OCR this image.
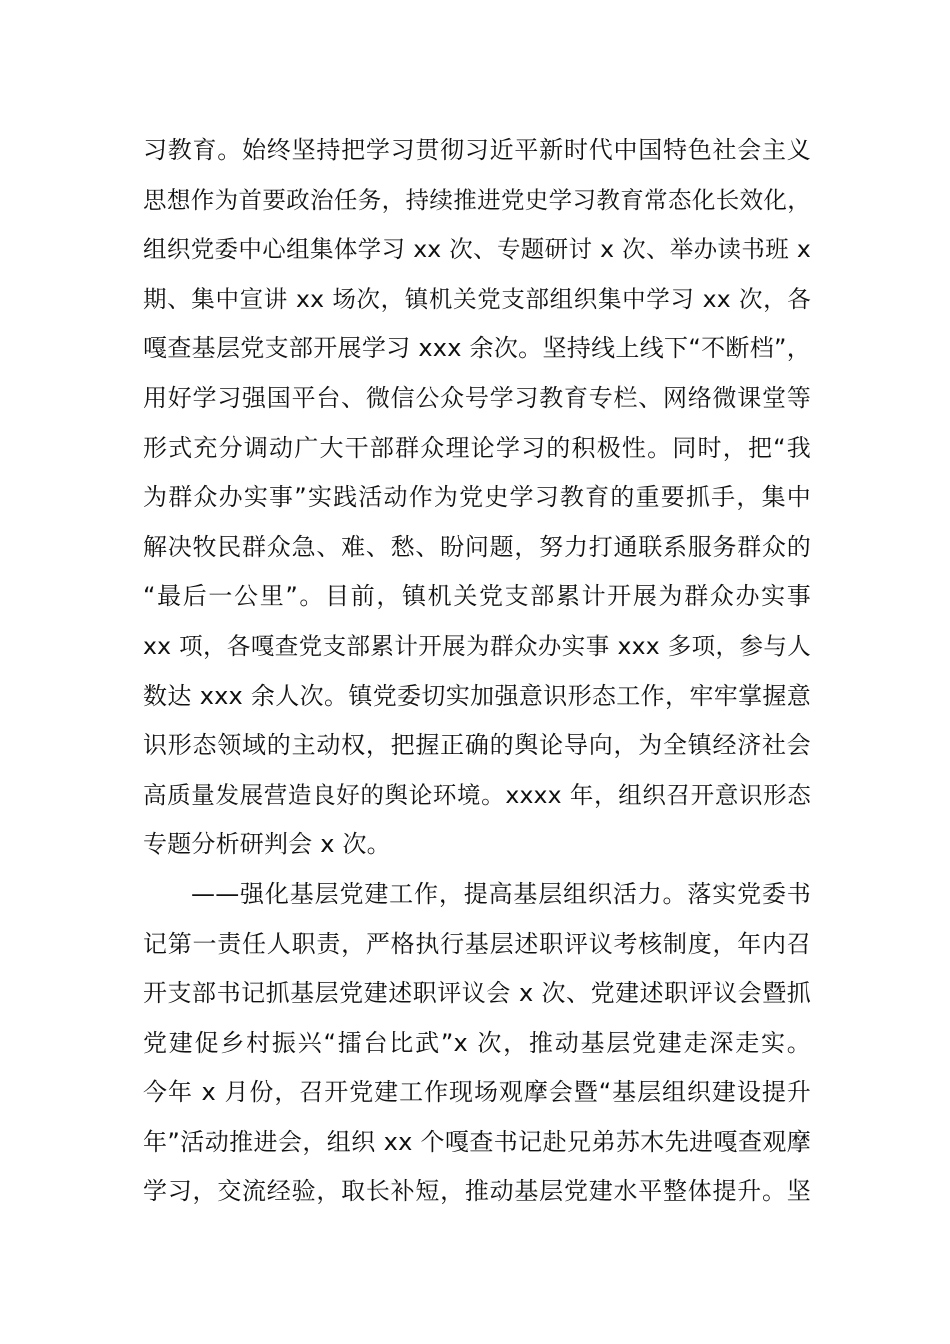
习教育。始终坚持把学习贯彻习近平新时代中国特色社会主义
思想作为首要政治任务，持续推进党史学习教育常态化长效化，
组织党委中心组集体学习 xx 次、专题研讨 x 次、举办读书班 x
期、集中宣讲 xx 场次，镇机关党支部组织集中学习 xx 次，各
嘎查基层党支部开展学习 xxx 余次。坚持线上线下“不断档”，
用好学习强国平台、微信公众号学习教育专栏、网络微课堂等
形式充分调动广大干部群众理论学习的积极性。同时，把“我
为群众办实事”实践活动作为党史学习教育的重要抓手，集中
解决牧民群众急、难、愁、盼问题，努力打通联系服务群众的
“最后一公里”。目前，镇机关党支部累计开展为群众办实事
xx 项，各嘎查党支部累计开展为群众办实事 xxx 多项，参与人
数达 xxx 余人次。镇党委切实加强意识形态工作，牢牢掌握意
识形态领域的主动权，把握正确的舆论导向，为全镇经济社会
高质量发展营造良好的舆论环境。xxxx 年，组织召开意识形态
专题分析研判会 x 次。
——强化基层党建工作，提高基层组织活力。落实党委书
记第一责任人职责，严格执行基层述职评议考核制度，年内召
开支部书记抓基层党建述职评议会 x 次、党建述职评议会暨抓
党建促乡村振兴“擂台比武”x 次，推动基层党建走深走实。
今年 x 月份，召开党建工作现场观摩会暨“基层组织建设提升
年”活动推进会，组织 xx 个嘎查书记赴兄弟苏木先进嘎查观摩
学习，交流经验，取长补短，推动基层党建水平整体提升。坚
